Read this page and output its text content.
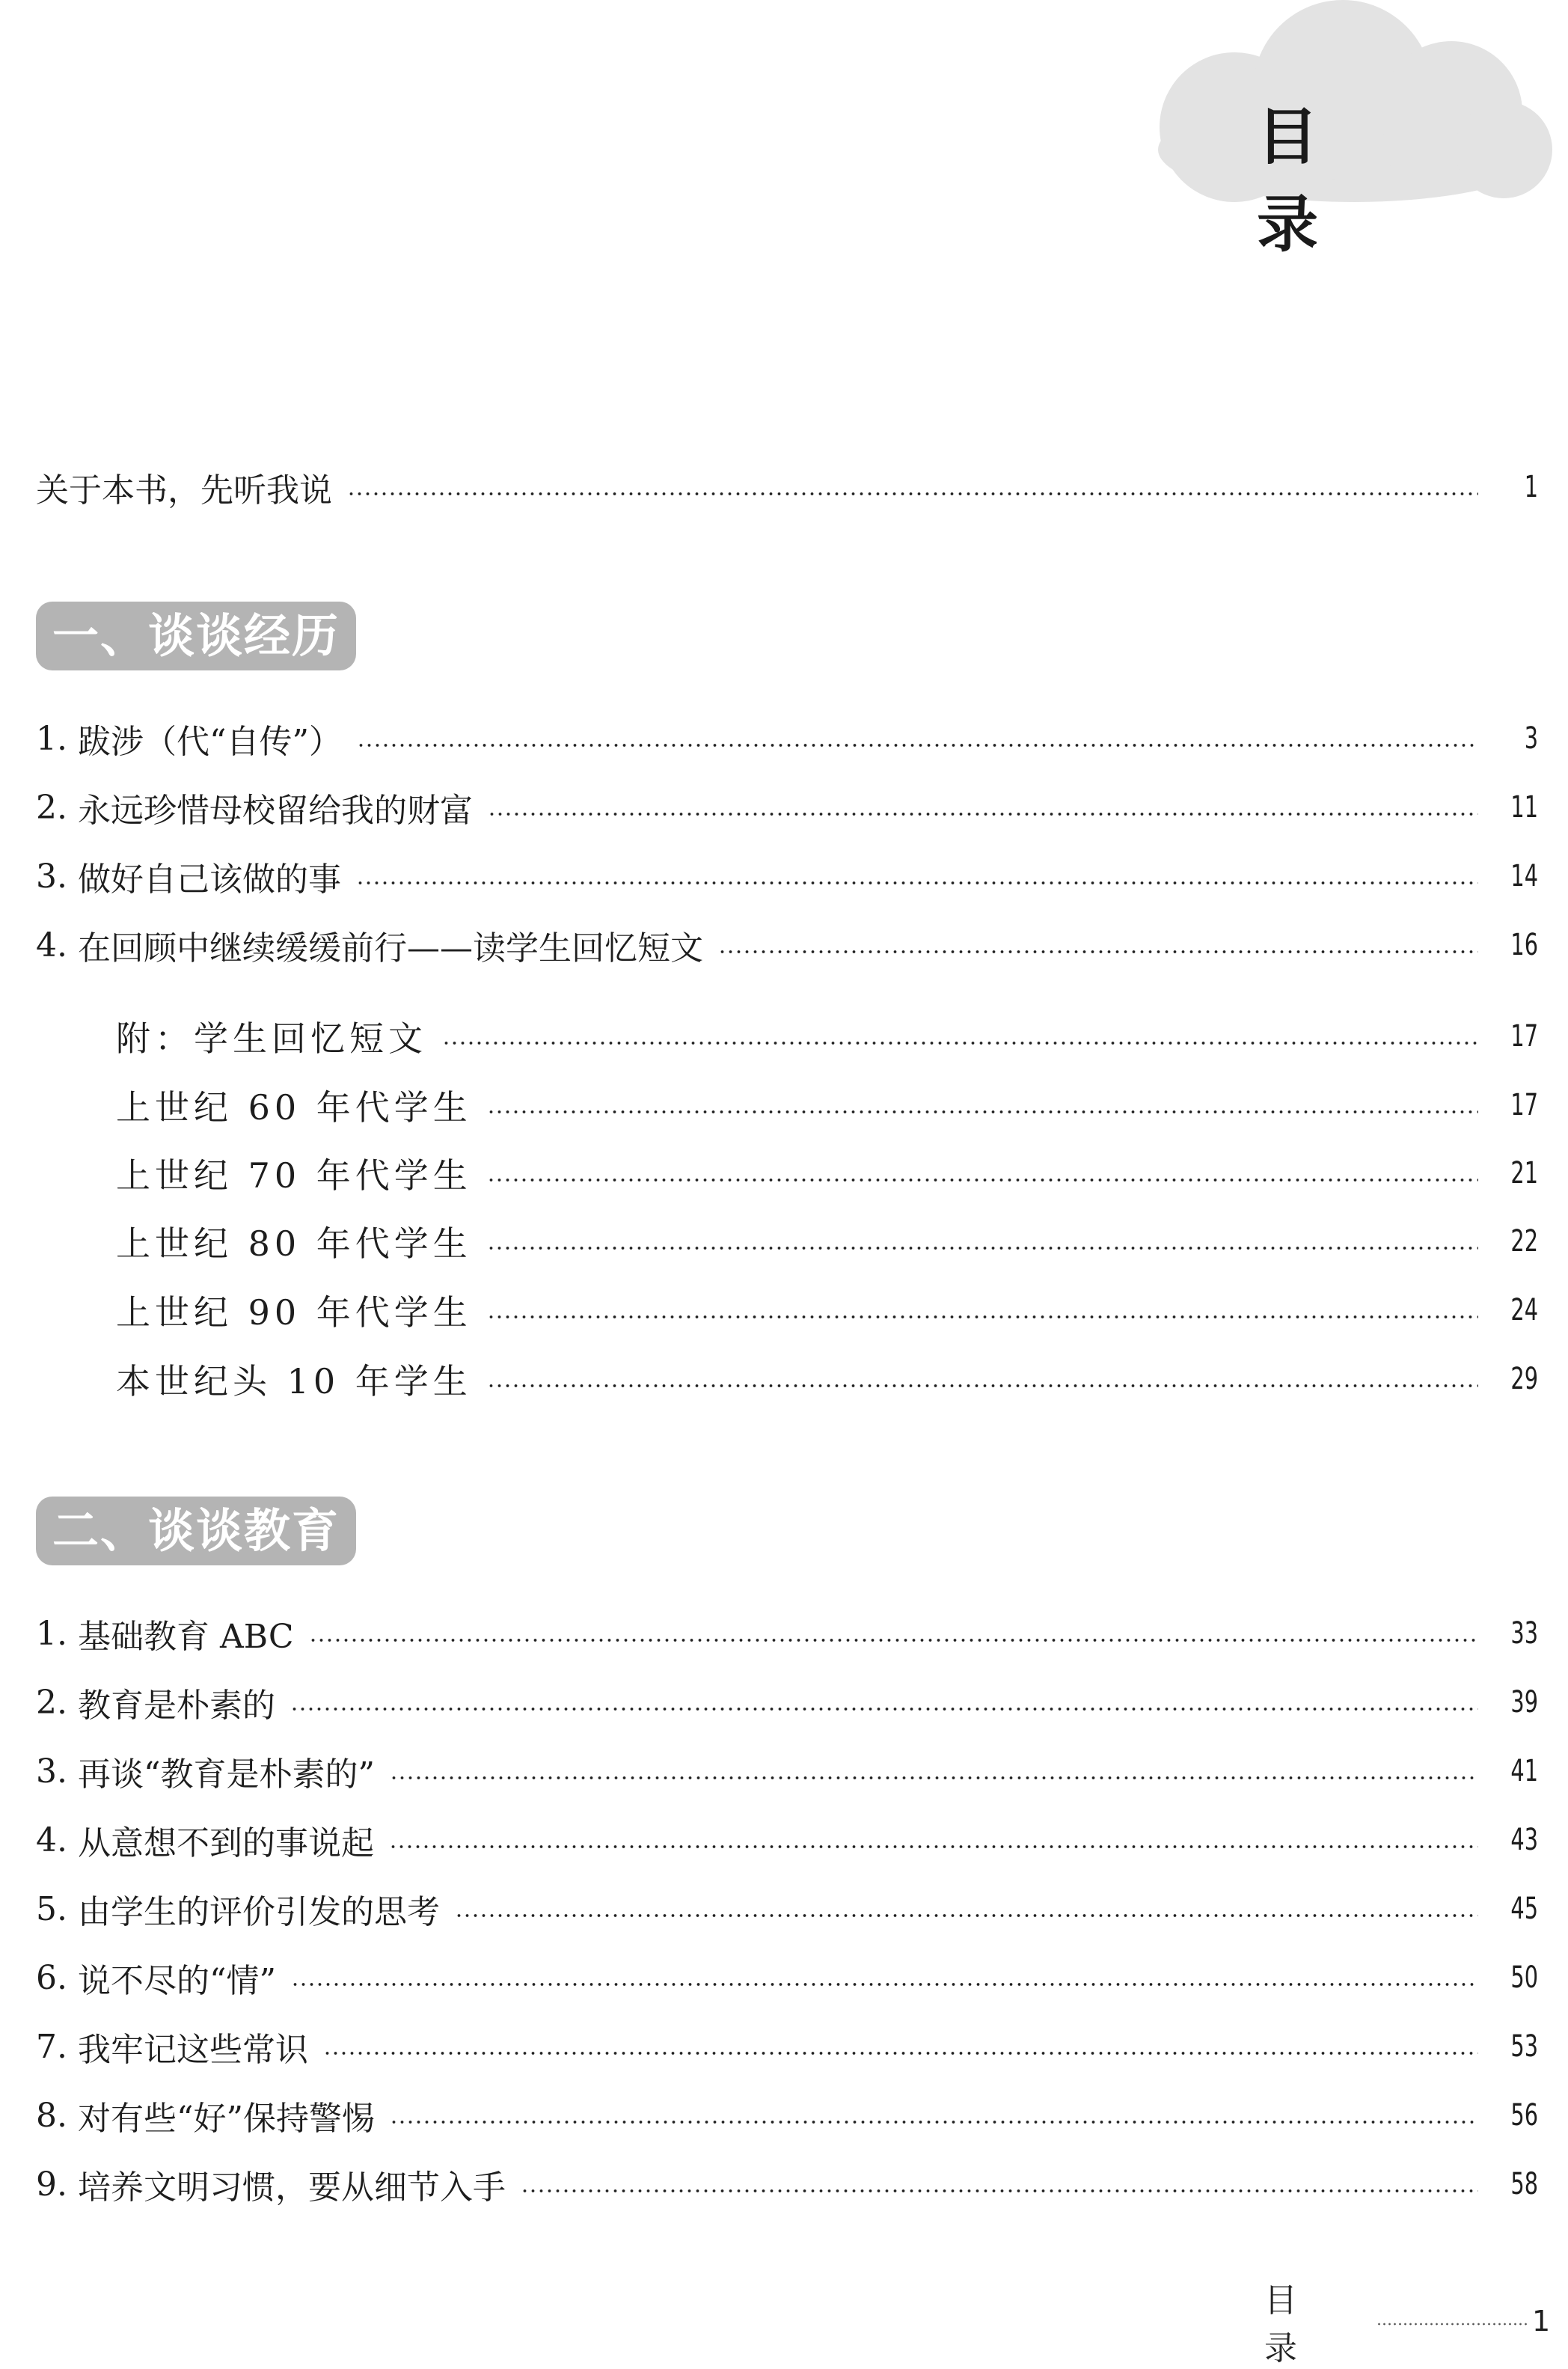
目 录
关于本书，先听我说	1
一、谈谈经历
1. 跋涉（代“自传”）	3
2. 永远珍惜母校留给我的财富	11
3. 做好自己该做的事	14
4. 在回顾中继续缓缓前行——读学生回忆短文	16
附：学生回忆短文	17
上世纪 60 年代学生	17
上世纪 70 年代学生	21
上世纪 80 年代学生	22
上世纪 90 年代学生	24
本世纪头 10 年学生	29
二、谈谈教育
1. 基础教育 ABC	33
2. 教育是朴素的	39
3. 再谈“教育是朴素的”	41
4. 从意想不到的事说起	43
5. 由学生的评价引发的思考	45
6. 说不尽的“情”	50
7. 我牢记这些常识	53
8. 对有些“好”保持警惕	56
9. 培养文明习惯，要从细节入手	58
目 录
1
